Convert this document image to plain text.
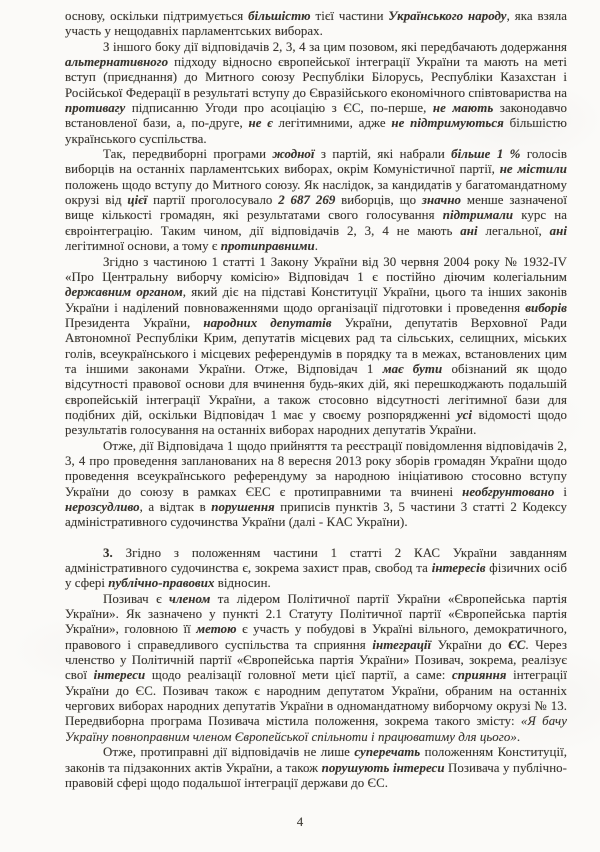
основу, оскільки підтримується більшістю тієї частини Українського народу, яка взяла участь у нещодавніх парламентських виборах.

З іншого боку дії відповідачів 2, 3, 4 за цим позовом, які передбачають додержання альтернативного підходу відносно європейської інтеграції України та мають на меті вступ (приєднання) до Митного союзу Республіки Білорусь, Республіки Казахстан і Російської Федерації в результаті вступу до Євразійського економічного співтовариства на противагу підписанню Угоди про асоціацію з ЄС, по-перше, не мають законодавчо встановленої бази, а, по-друге, не є легітимними, адже не підтримуються більшістю українського суспільства.

Так, передвиборні програми жодної з партій, які набрали більше 1 % голосів виборців на останніх парламентських виборах, окрім Комуністичної партії, не містили положень щодо вступу до Митного союзу. Як наслідок, за кандидатів у багатомандатному окрузі від цієї партії проголосувало 2 687 269 виборців, що значно менше зазначеної вище кількості громадян, які результатами свого голосування підтримали курс на євроінтеграцію. Таким чином, дії відповідачів 2, 3, 4 не мають ані легальної, ані легітимної основи, а тому є протиправними.

Згідно з частиною 1 статті 1 Закону України від 30 червня 2004 року № 1932-IV «Про Центральну виборчу комісію» Відповідач 1 є постійно діючим колегіальним державним органом, який діє на підставі Конституції України, цього та інших законів України і наділений повноваженнями щодо організації підготовки і проведення виборів Президента України, народних депутатів України, депутатів Верховної Ради Автономної Республіки Крим, депутатів місцевих рад та сільських, селищних, міських голів, всеукраїнського і місцевих референдумів в порядку та в межах, встановлених цим та іншими законами України. Отже, Відповідач 1 має бути обізнаний як щодо відсутності правової основи для вчинення будь-яких дій, які перешкоджають подальшій європейській інтеграції України, а також стосовно відсутності легітимної бази для подібних дій, оскільки Відповідач 1 має у своєму розпорядженні усі відомості щодо результатів голосування на останніх виборах народних депутатів України.

Отже, дії Відповідача 1 щодо прийняття та реєстрації повідомлення відповідачів 2, 3, 4 про проведення запланованих на 8 вересня 2013 року зборів громадян України щодо проведення всеукраїнського референдуму за народною ініціативою стосовно вступу України до союзу в рамках ЄЕС є протиправними та вчинені необгрунтовано і нерозсудливо, а відтак в порушення приписів пунктів 3, 5 частини 3 статті 2 Кодексу адміністративного судочинства України (далі - КАС України).

3. Згідно з положенням частини 1 статті 2 КАС України завданням адміністративного судочинства є, зокрема захист прав, свобод та інтересів фізичних осіб у сфері публічно-правових відносин.

Позивач є членом та лідером Політичної партії України «Європейська партія України». Як зазначено у пункті 2.1 Статуту Політичної партії «Європейська партія України», головною її метою є участь у побудові в Україні вільного, демократичного, правового і справедливого суспільства та сприяння інтеграції України до ЄС. Через членство у Політичній партії «Європейська партія України» Позивач, зокрема, реалізує свої інтереси щодо реалізації головної мети цієї партії, а саме: сприяння інтеграції України до ЄС. Позивач також є народним депутатом України, обраним на останніх чергових виборах народних депутатів України в одномандатному виборчому окрузі № 13. Передвиборна програма Позивача містила положення, зокрема такого змісту: «Я бачу Україну повноправним членом Європейської спільноти і працюватиму для цього».

Отже, протиправні дії відповідачів не лише суперечать положенням Конституції, законів та підзаконних актів України, а також порушують інтереси Позивача у публічно-правовій сфері щодо подальшої інтеграції держави до ЄС.

4
